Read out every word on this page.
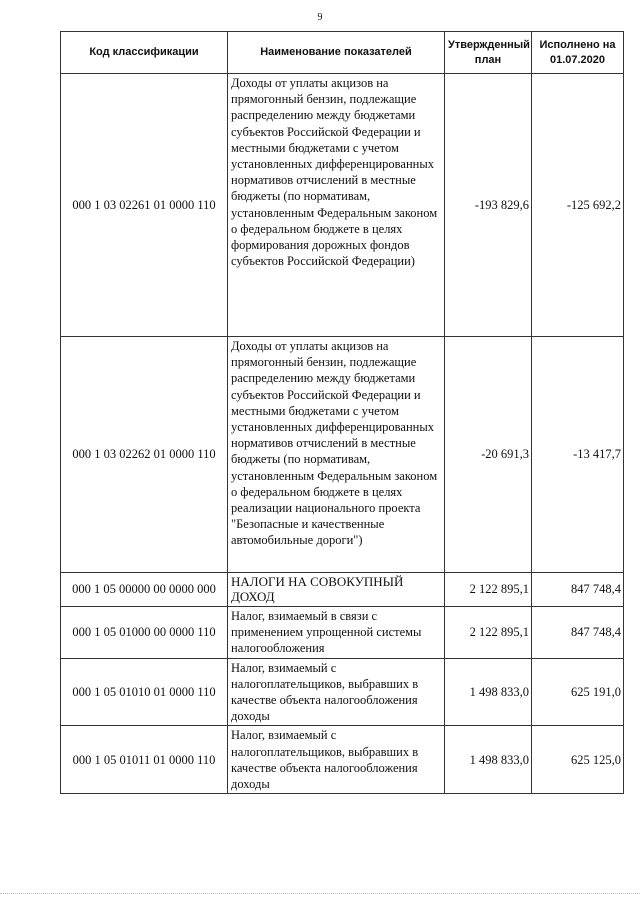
9
Код классификации	Наименование показателей	Утвержденный план	Исполнено на 01.07.2020
000 1 03 02261 01 0000 110	Доходы от уплаты акцизов на прямогонный бензин, подлежащие распределению между бюджетами субъектов Российской Федерации и местными бюджетами с учетом установленных дифференцированных нормативов отчислений в местные бюджеты (по нормативам, установленным Федеральным законом о федеральном бюджете в целях формирования дорожных фондов субъектов Российской Федерации)	-193 829,6	-125 692,2
000 1 03 02262 01 0000 110	Доходы от уплаты акцизов на прямогонный бензин, подлежащие распределению между бюджетами субъектов Российской Федерации и местными бюджетами с учетом установленных дифференцированных нормативов отчислений в местные бюджеты (по нормативам, установленным Федеральным законом о федеральном бюджете в целях реализации национального проекта "Безопасные и качественные автомобильные дороги")	-20 691,3	-13 417,7
000 1 05 00000 00 0000 000	НАЛОГИ НА СОВОКУПНЫЙ ДОХОД	2 122 895,1	847 748,4
000 1 05 01000 00 0000 110	Налог, взимаемый в связи с применением упрощенной системы налогообложения	2 122 895,1	847 748,4
000 1 05 01010 01 0000 110	Налог, взимаемый с налогоплательщиков, выбравших в качестве объекта налогообложения доходы	1 498 833,0	625 191,0
000 1 05 01011 01 0000 110	Налог, взимаемый с налогоплательщиков, выбравших в качестве объекта налогообложения доходы	1 498 833,0	625 125,0
